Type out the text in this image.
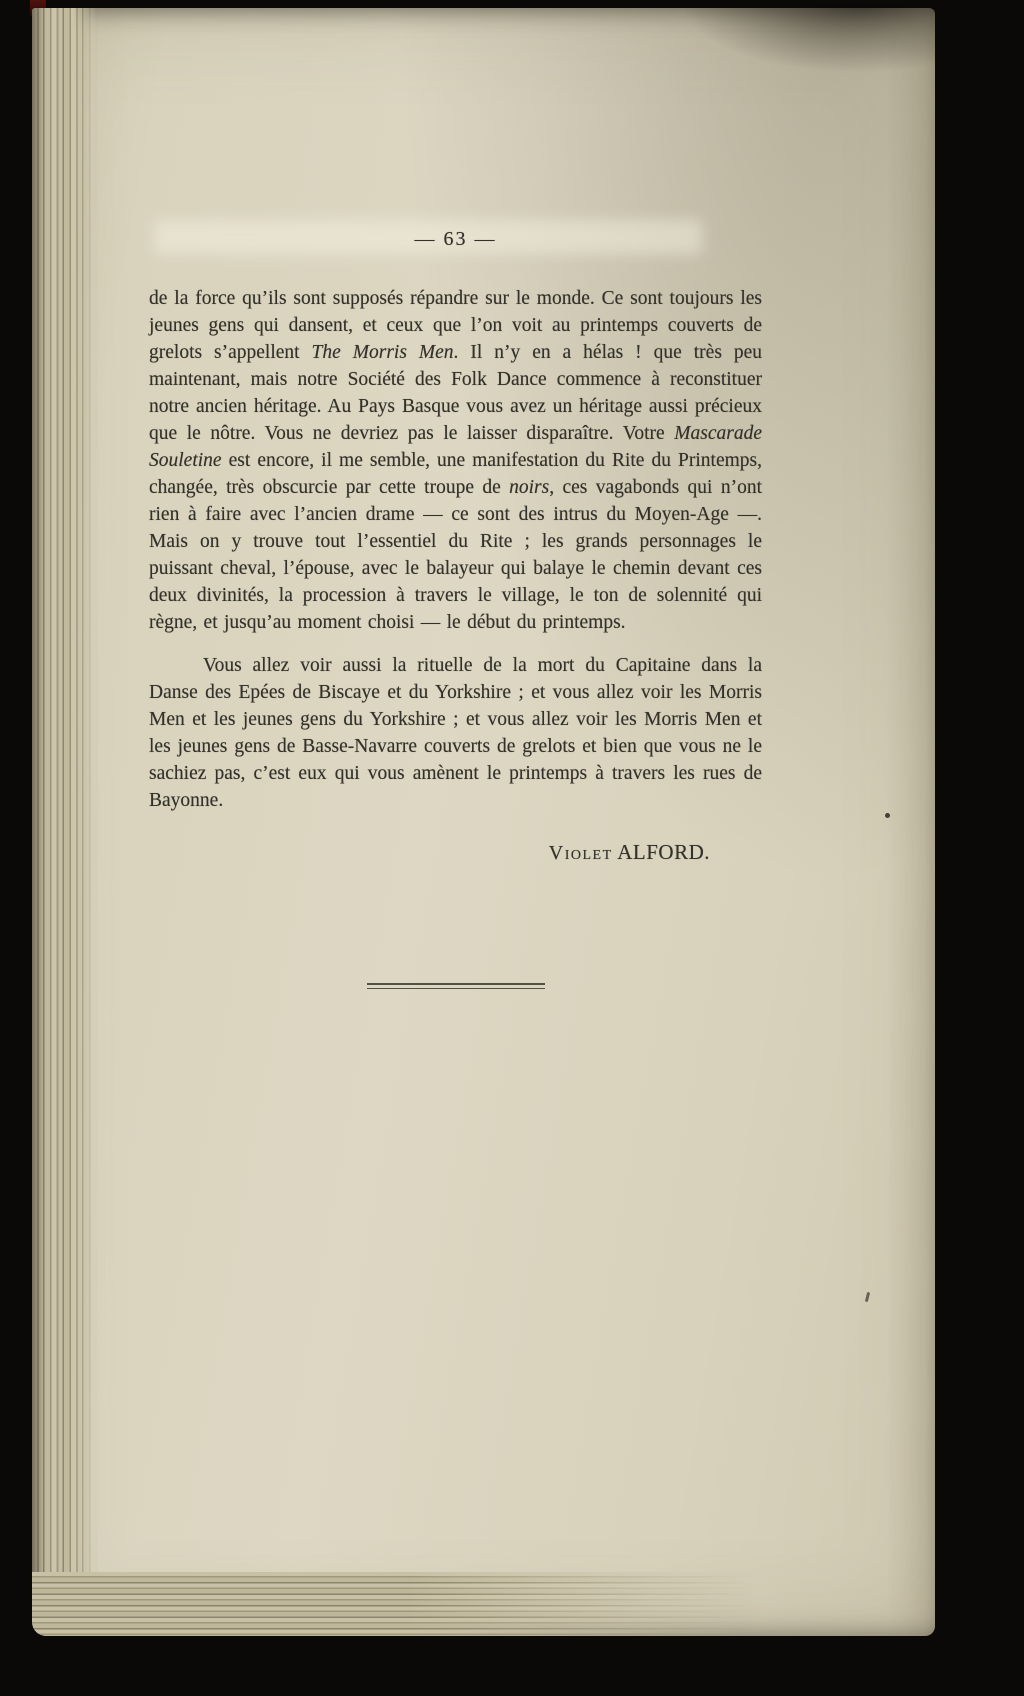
— 63 —

de la force qu’ils sont supposés répandre sur le monde. Ce sont toujours les jeunes gens qui dansent, et ceux que l’on voit au printemps couverts de grelots s’appellent The Morris Men. Il n’y en a hélas ! que très peu maintenant, mais notre Société des Folk Dance commence à reconstituer notre ancien héritage. Au Pays Basque vous avez un héritage aussi précieux que le nôtre. Vous ne devriez pas le laisser disparaître. Votre Mascarade Souletine est encore, il me semble, une manifestation du Rite du Printemps, changée, très obscurcie par cette troupe de noirs, ces vagabonds qui n’ont rien à faire avec l’ancien drame — ce sont des intrus du Moyen-Age —. Mais on y trouve tout l’essentiel du Rite ; les grands personnages le puissant cheval, l’épouse, avec le balayeur qui balaye le chemin devant ces deux divinités, la procession à travers le village, le ton de solennité qui règne, et jusqu’au moment choisi — le début du printemps.

Vous allez voir aussi la rituelle de la mort du Capitaine dans la Danse des Epées de Biscaye et du Yorkshire ; et vous allez voir les Morris Men et les jeunes gens du Yorkshire ; et vous allez voir les Morris Men et les jeunes gens de Basse-Navarre couverts de grelots et bien que vous ne le sachiez pas, c’est eux qui vous amènent le printemps à travers les rues de Bayonne.

Violet ALFORD.
